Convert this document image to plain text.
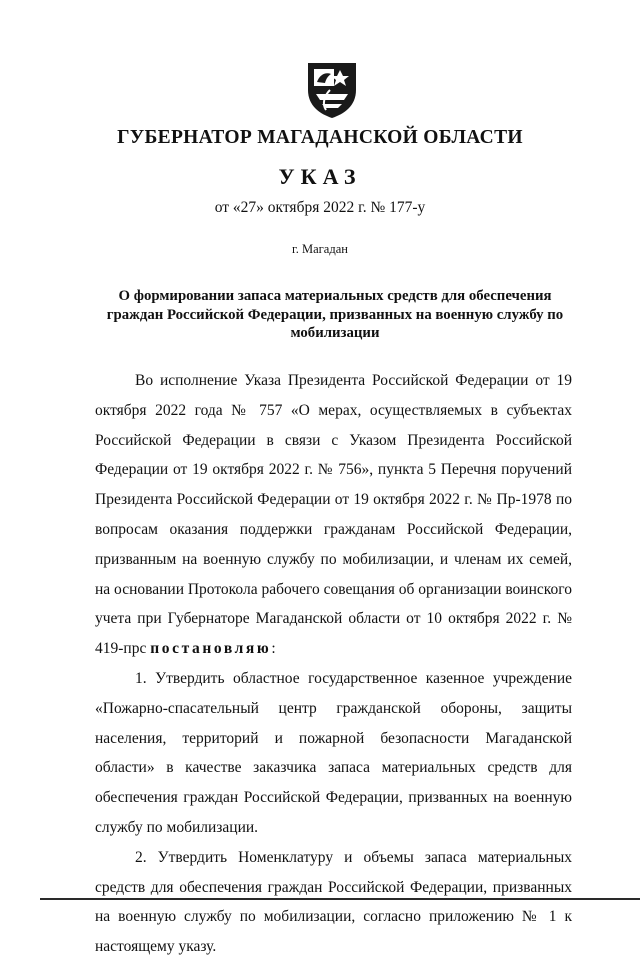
ГУБЕРНАТОР МАГАДАНСКОЙ ОБЛАСТИ
УКАЗ
от «27» октября 2022 г. № 177-у
г. Магадан
О формировании запаса материальных средств для обеспечения граждан Российской Федерации, призванных на военную службу по мобилизации

Во исполнение Указа Президента Российской Федерации от 19 октября 2022 года № 757 «О мерах, осуществляемых в субъектах Российской Федерации в связи с Указом Президента Российской Федерации от 19 октября 2022 г. № 756», пункта 5 Перечня поручений Президента Российской Федерации от 19 октября 2022 г. № Пр-1978 по вопросам оказания поддержки гражданам Российской Федерации, призванным на военную службу по мобилизации, и членам их семей, на основании Протокола рабочего совещания об организации воинского учета при Губернаторе Магаданской области от 10 октября 2022 г. № 419-прс постановляю:

1. Утвердить областное государственное казенное учреждение «Пожарно-спасательный центр гражданской обороны, защиты населения, территорий и пожарной безопасности Магаданской области» в качестве заказчика запаса материальных средств для обеспечения граждан Российской Федерации, призванных на военную службу по мобилизации.

2. Утвердить Номенклатуру и объемы запаса материальных средств для обеспечения граждан Российской Федерации, призванных на военную службу по мобилизации, согласно приложению № 1 к настоящему указу.
